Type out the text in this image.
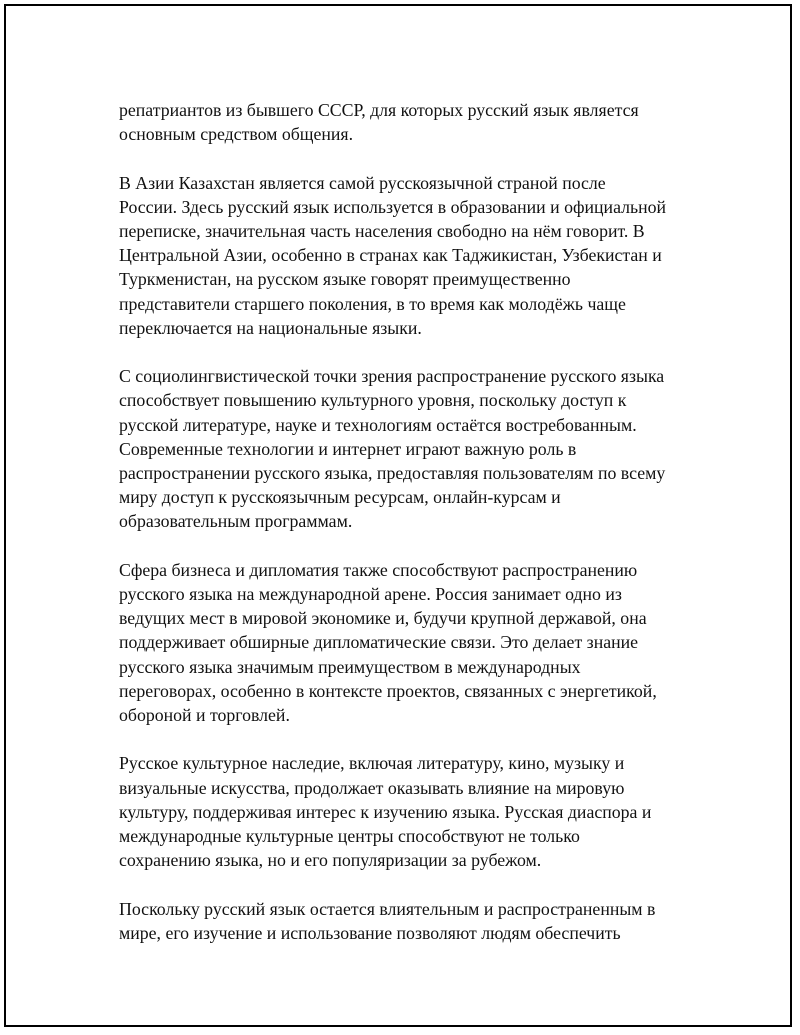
репатриантов из бывшего СССР, для которых русский язык является
основным средством общения.

В Азии Казахстан является самой русскоязычной страной после
России. Здесь русский язык используется в образовании и официальной
переписке, значительная часть населения свободно на нём говорит. В
Центральной Азии, особенно в странах как Таджикистан, Узбекистан и
Туркменистан, на русском языке говорят преимущественно
представители старшего поколения, в то время как молодёжь чаще
переключается на национальные языки.

С социолингвистической точки зрения распространение русского языка
способствует повышению культурного уровня, поскольку доступ к
русской литературе, науке и технологиям остаётся востребованным.
Современные технологии и интернет играют важную роль в
распространении русского языка, предоставляя пользователям по всему
миру доступ к русскоязычным ресурсам, онлайн-курсам и
образовательным программам.

Сфера бизнеса и дипломатия также способствуют распространению
русского языка на международной арене. Россия занимает одно из
ведущих мест в мировой экономике и, будучи крупной державой, она
поддерживает обширные дипломатические связи. Это делает знание
русского языка значимым преимуществом в международных
переговорах, особенно в контексте проектов, связанных с энергетикой,
обороной и торговлей.

Русское культурное наследие, включая литературу, кино, музыку и
визуальные искусства, продолжает оказывать влияние на мировую
культуру, поддерживая интерес к изучению языка. Русская диаспора и
международные культурные центры способствуют не только
сохранению языка, но и его популяризации за рубежом.

Поскольку русский язык остается влиятельным и распространенным в
мире, его изучение и использование позволяют людям обеспечить
